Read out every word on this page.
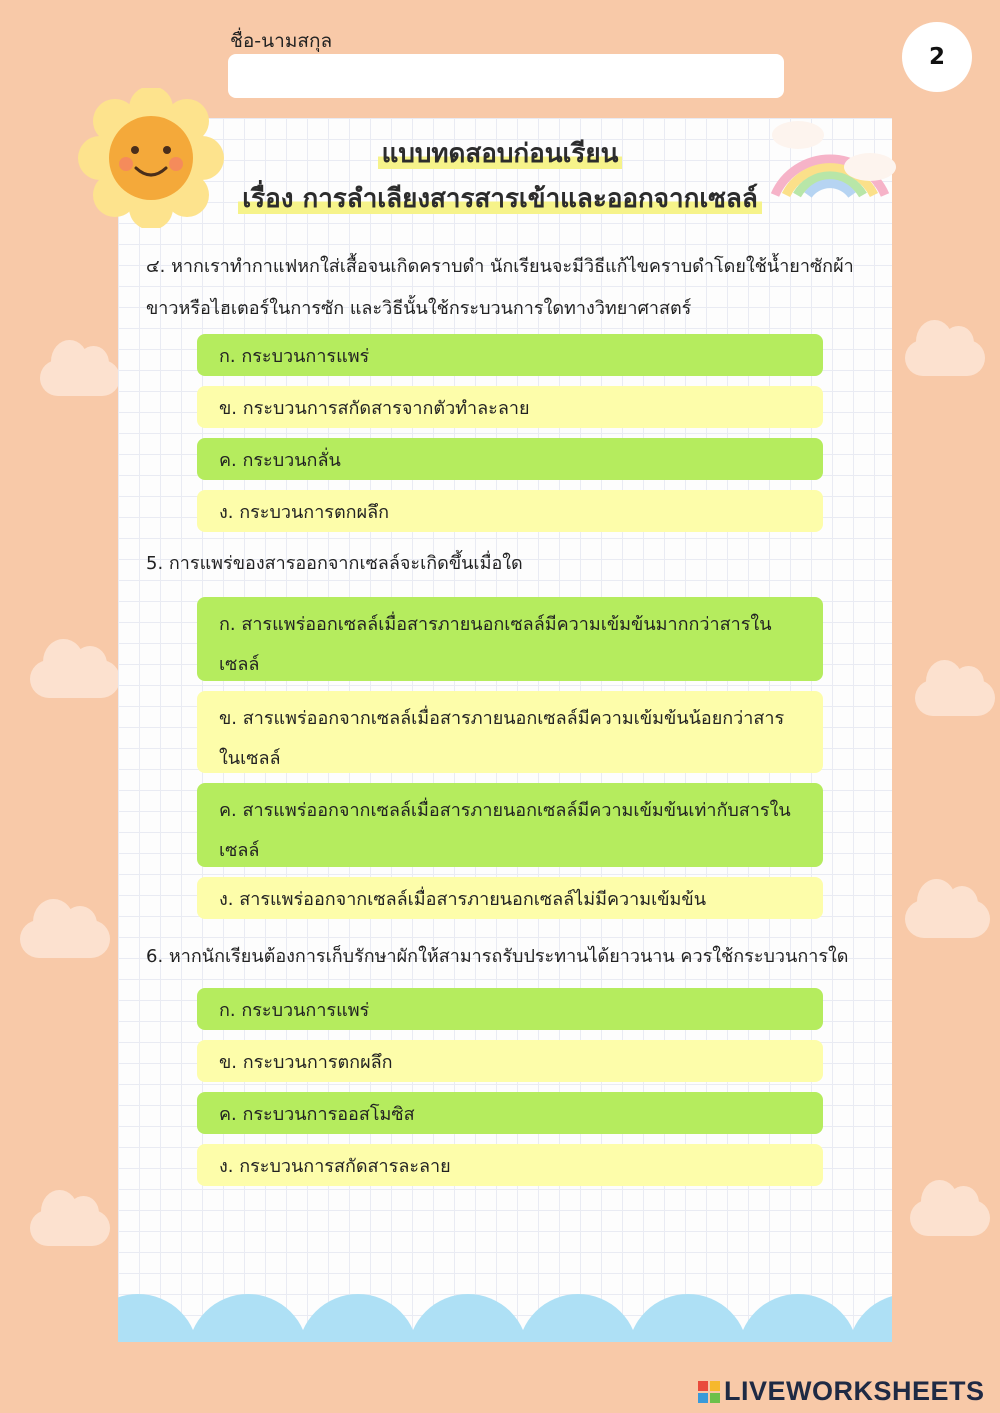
ชื่อ-นามสกุล
2
แบบทดสอบก่อนเรียน
เรื่อง การลำเลียงสารสารเข้าและออกจากเซลล์
๔. หากเราทำกาแฟหกใส่เสื้อจนเกิดคราบดำ นักเรียนจะมีวิธีแก้ไขคราบดำโดยใช้น้ำยาซักผ้าขาวหรือไฮเตอร์ในการซัก และวิธีนั้นใช้กระบวนการใดทางวิทยาศาสตร์
ก. กระบวนการแพร่
ข. กระบวนการสกัดสารจากตัวทำละลาย
ค. กระบวนกลั่น
ง. กระบวนการตกผลึก
5. การแพร่ของสารออกจากเซลล์จะเกิดขึ้นเมื่อใด
ก. สารแพร่ออกเซลล์เมื่อสารภายนอกเซลล์มีความเข้มข้นมากกว่าสารในเซลล์
ข. สารแพร่ออกจากเซลล์เมื่อสารภายนอกเซลล์มีความเข้มข้นน้อยกว่าสารในเซลล์
ค. สารแพร่ออกจากเซลล์เมื่อสารภายนอกเซลล์มีความเข้มข้นเท่ากับสารในเซลล์
ง. สารแพร่ออกจากเซลล์เมื่อสารภายนอกเซลล์ไม่มีความเข้มข้น
6. หากนักเรียนต้องการเก็บรักษาผักให้สามารถรับประทานได้ยาวนาน ควรใช้กระบวนการใด
ก. กระบวนการแพร่
ข. กระบวนการตกผลึก
ค. กระบวนการออสโมซิส
ง. กระบวนการสกัดสารละลาย
LIVEWORKSHEETS
